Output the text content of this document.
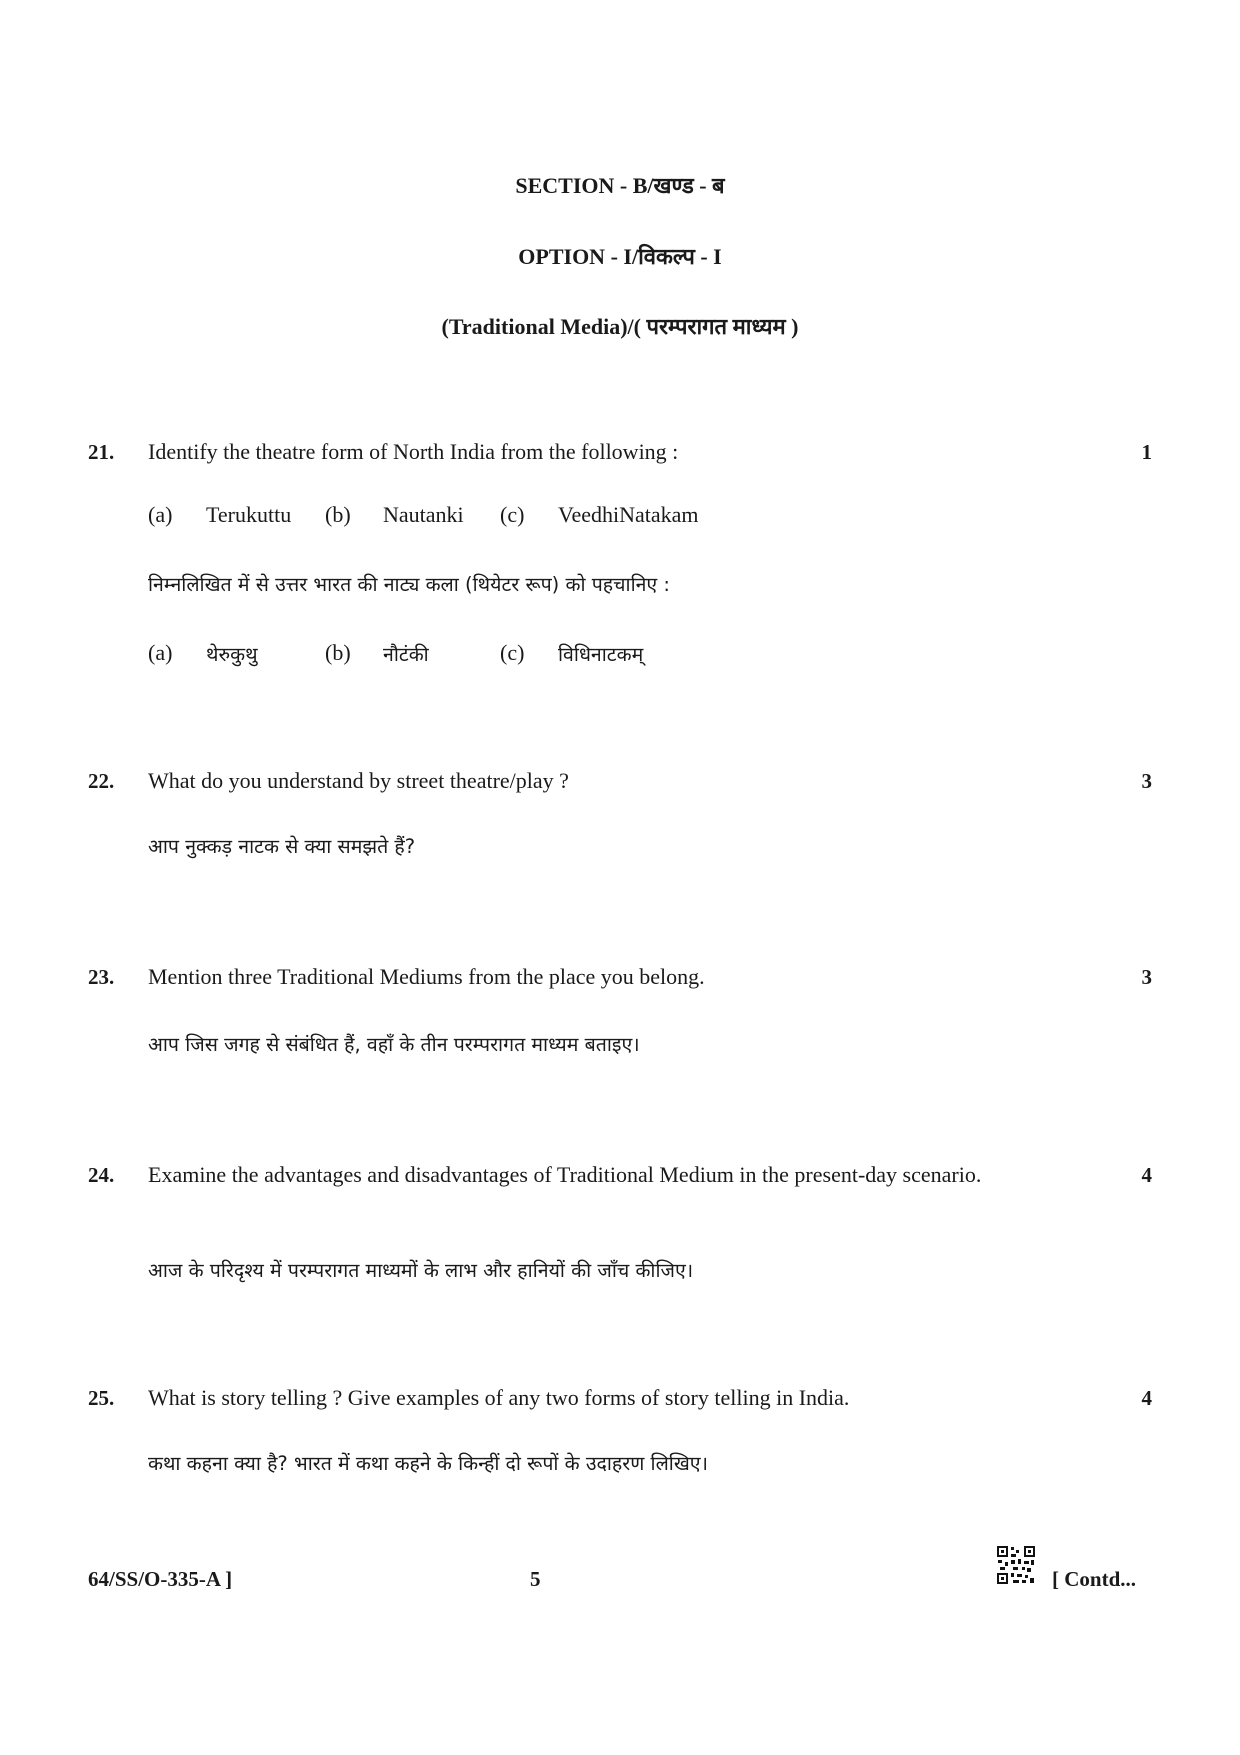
SECTION - B/खण्ड - ब
OPTION - I/विकल्प - I
(Traditional Media)/( परम्परागत माध्यम )
21. Identify the theatre form of North India from the following :	1
(a) Terukuttu (b) Nautanki (c) VeedhiNatakam
निम्नलिखित में से उत्तर भारत की नाट्य कला (थियेटर रूप) को पहचानिए :
(a) थेरुकुथु	(b) नौटंकी	(c) विधिनाटकम्
22. What do you understand by street theatre/play ?	3
आप नुक्कड़ नाटक से क्या समझते हैं?
23. Mention three Traditional Mediums from the place you belong.	3
आप जिस जगह से संबंधित हैं, वहाँ के तीन परम्परागत माध्यम बताइए।
24. Examine the advantages and disadvantages of Traditional Medium in the present-day scenario.	4
आज के परिदृश्य में परम्परागत माध्यमों के लाभ और हानियों की जाँच कीजिए।
25. What is story telling ? Give examples of any two forms of story telling in India.	4
कथा कहना क्या है? भारत में कथा कहने के किन्हीं दो रूपों के उदाहरण लिखिए।
64/SS/O-335-A ]	5	[ Contd...
